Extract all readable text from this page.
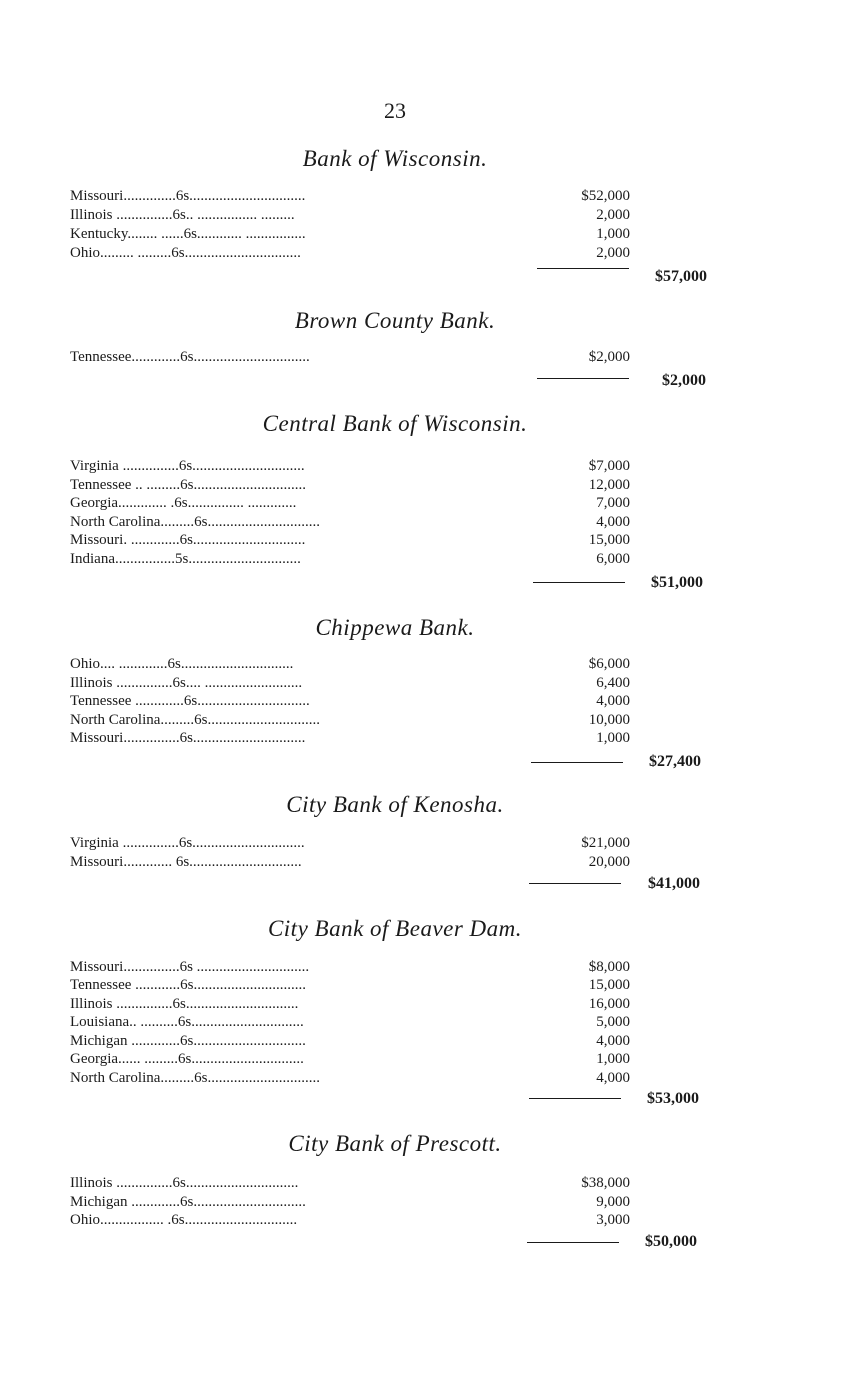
23
Bank of Wisconsin.
Missouri..............6s...............................	$52,000
Illinois ...............6s.. ................ .........	2,000
Kentucky........ ......6s............ ................	1,000
Ohio......... .........6s...............................	2,000
$57,000
Brown County Bank.
Tennessee.............6s...............................	$2,000
$2,000
Central Bank of Wisconsin.
Virginia ...............6s..............................	$7,000
Tennessee .. .........6s..............................	12,000
Georgia............. .6s............... .............	7,000
North Carolina.........6s..............................	4,000
Missouri. .............6s..............................	15,000
Indiana................5s..............................	6,000
$51,000
Chippewa Bank.
Ohio.... .............6s..............................	$6,000
Illinois ...............6s.... ..........................	6,400
Tennessee .............6s..............................	4,000
North Carolina.........6s..............................	10,000
Missouri...............6s..............................	1,000
$27,400
City Bank of Kenosha.
Virginia ...............6s..............................	$21,000
Missouri............. 6s..............................	20,000
$41,000
City Bank of Beaver Dam.
Missouri...............6s ..............................	$8,000
Tennessee ............6s..............................	15,000
Illinois ...............6s..............................	16,000
Louisiana.. ..........6s..............................	5,000
Michigan .............6s..............................	4,000
Georgia...... .........6s..............................	1,000
North Carolina.........6s..............................	4,000
$53,000
City Bank of Prescott.
Illinois ...............6s..............................	$38,000
Michigan .............6s..............................	9,000
Ohio................. .6s..............................	3,000
$50,000
